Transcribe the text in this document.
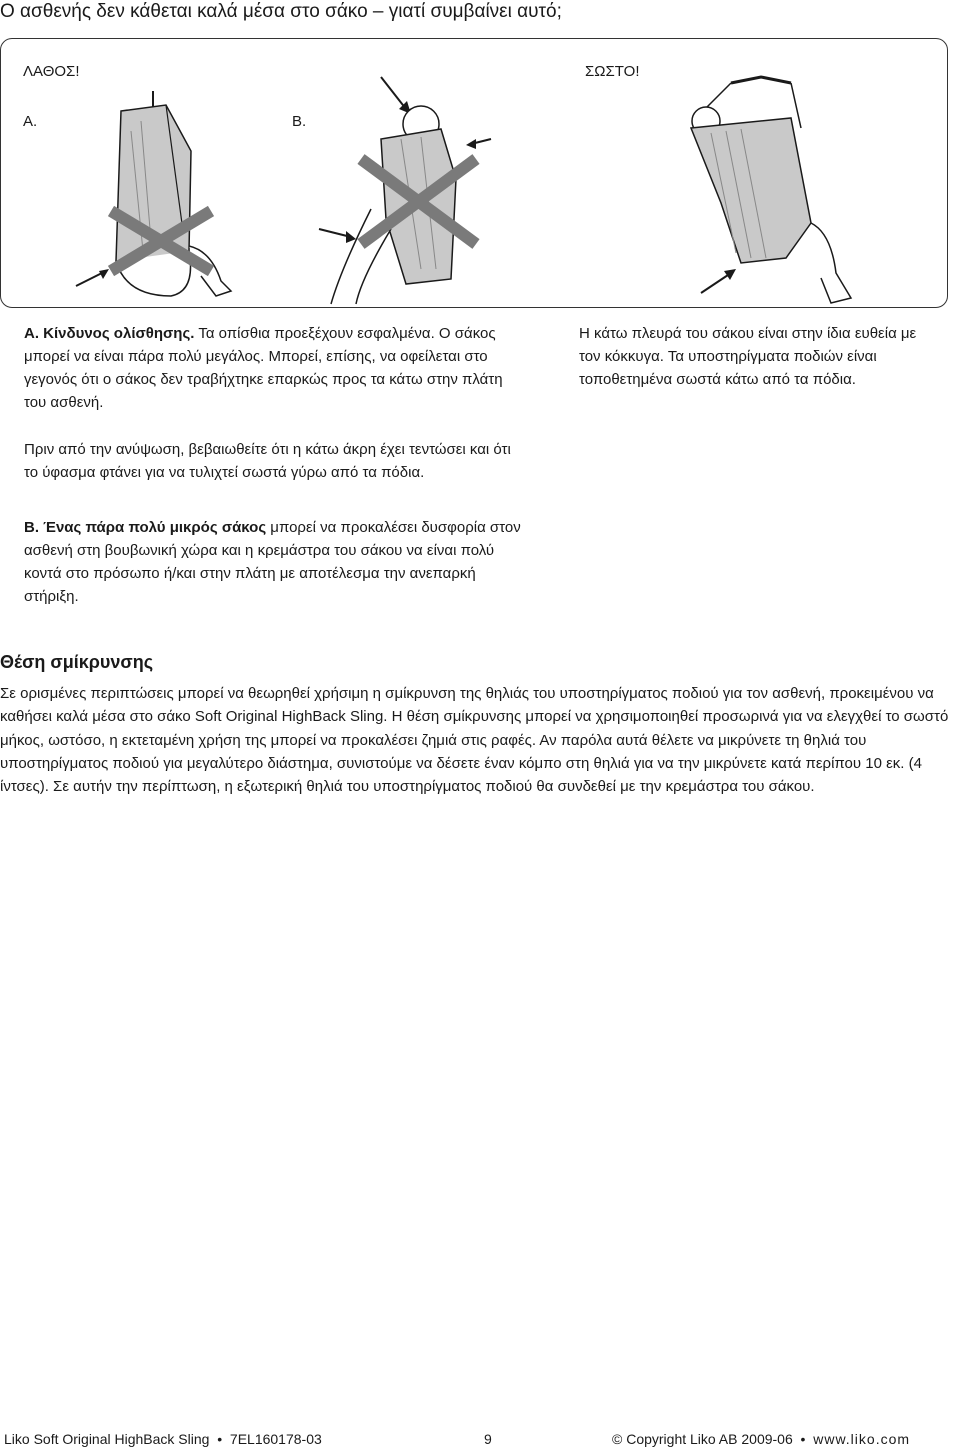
Ο ασθενής δεν κάθεται καλά μέσα στο σάκο – γιατί συμβαίνει αυτό;
ΛΑΘΟΣ!
A.	B.
ΣΩΣΤΟ!

A. Κίνδυνος ολίσθησης. Τα οπίσθια προεξέχουν εσφαλμένα. Ο σάκος μπορεί να είναι πάρα πολύ μεγάλος. Μπορεί, επίσης, να οφείλεται στο γεγονός ότι ο σάκος δεν τραβήχτηκε επαρκώς προς τα κάτω στην πλάτη του ασθενή.

Πριν από την ανύψωση, βεβαιωθείτε ότι η κάτω άκρη έχει τεντώσει και ότι το ύφασμα φτάνει για να τυλιχτεί σωστά γύρω από τα πόδια.

B. Ένας πάρα πολύ μικρός σάκος μπορεί να προκαλέσει δυσφορία στον ασθενή στη βουβωνική χώρα και η κρεμάστρα του σάκου να είναι πολύ κοντά στο πρόσωπο ή/και στην πλάτη με αποτέλεσμα την ανεπαρκή στήριξη.

Η κάτω πλευρά του σάκου είναι στην ίδια ευθεία με τον κόκκυγα. Τα υποστηρίγματα ποδιών είναι τοποθετημένα σωστά κάτω από τα πόδια.

Θέση σμίκρυνσης

Σε ορισμένες περιπτώσεις μπορεί να θεωρηθεί χρήσιμη η σμίκρυνση της θηλιάς του υποστηρίγματος ποδιού για τον ασθενή, προκειμένου να καθήσει καλά μέσα στο σάκο Soft Original HighBack Sling. Η θέση σμίκρυνσης μπορεί να χρησιμοποιηθεί προσωρινά για να ελεγχθεί το σωστό μήκος, ωστόσο, η εκτεταμένη χρήση της μπορεί να προκαλέσει ζημιά στις ραφές. Αν παρόλα αυτά θέλετε να μικρύνετε τη θηλιά του υποστηρίγματος ποδιού για μεγαλύτερο διάστημα, συνιστούμε να δέσετε έναν κόμπο στη θηλιά για να την μικρύνετε κατά περίπου 10 εκ. (4 ίντσες). Σε αυτήν την περίπτωση, η εξωτερική θηλιά του υποστηρίγματος ποδιού θα συνδεθεί με την κρεμάστρα του σάκου.

Liko Soft Original HighBack Sling • 7EL160178-03	9	© Copyright Liko AB 2009-06 • www.liko.com
